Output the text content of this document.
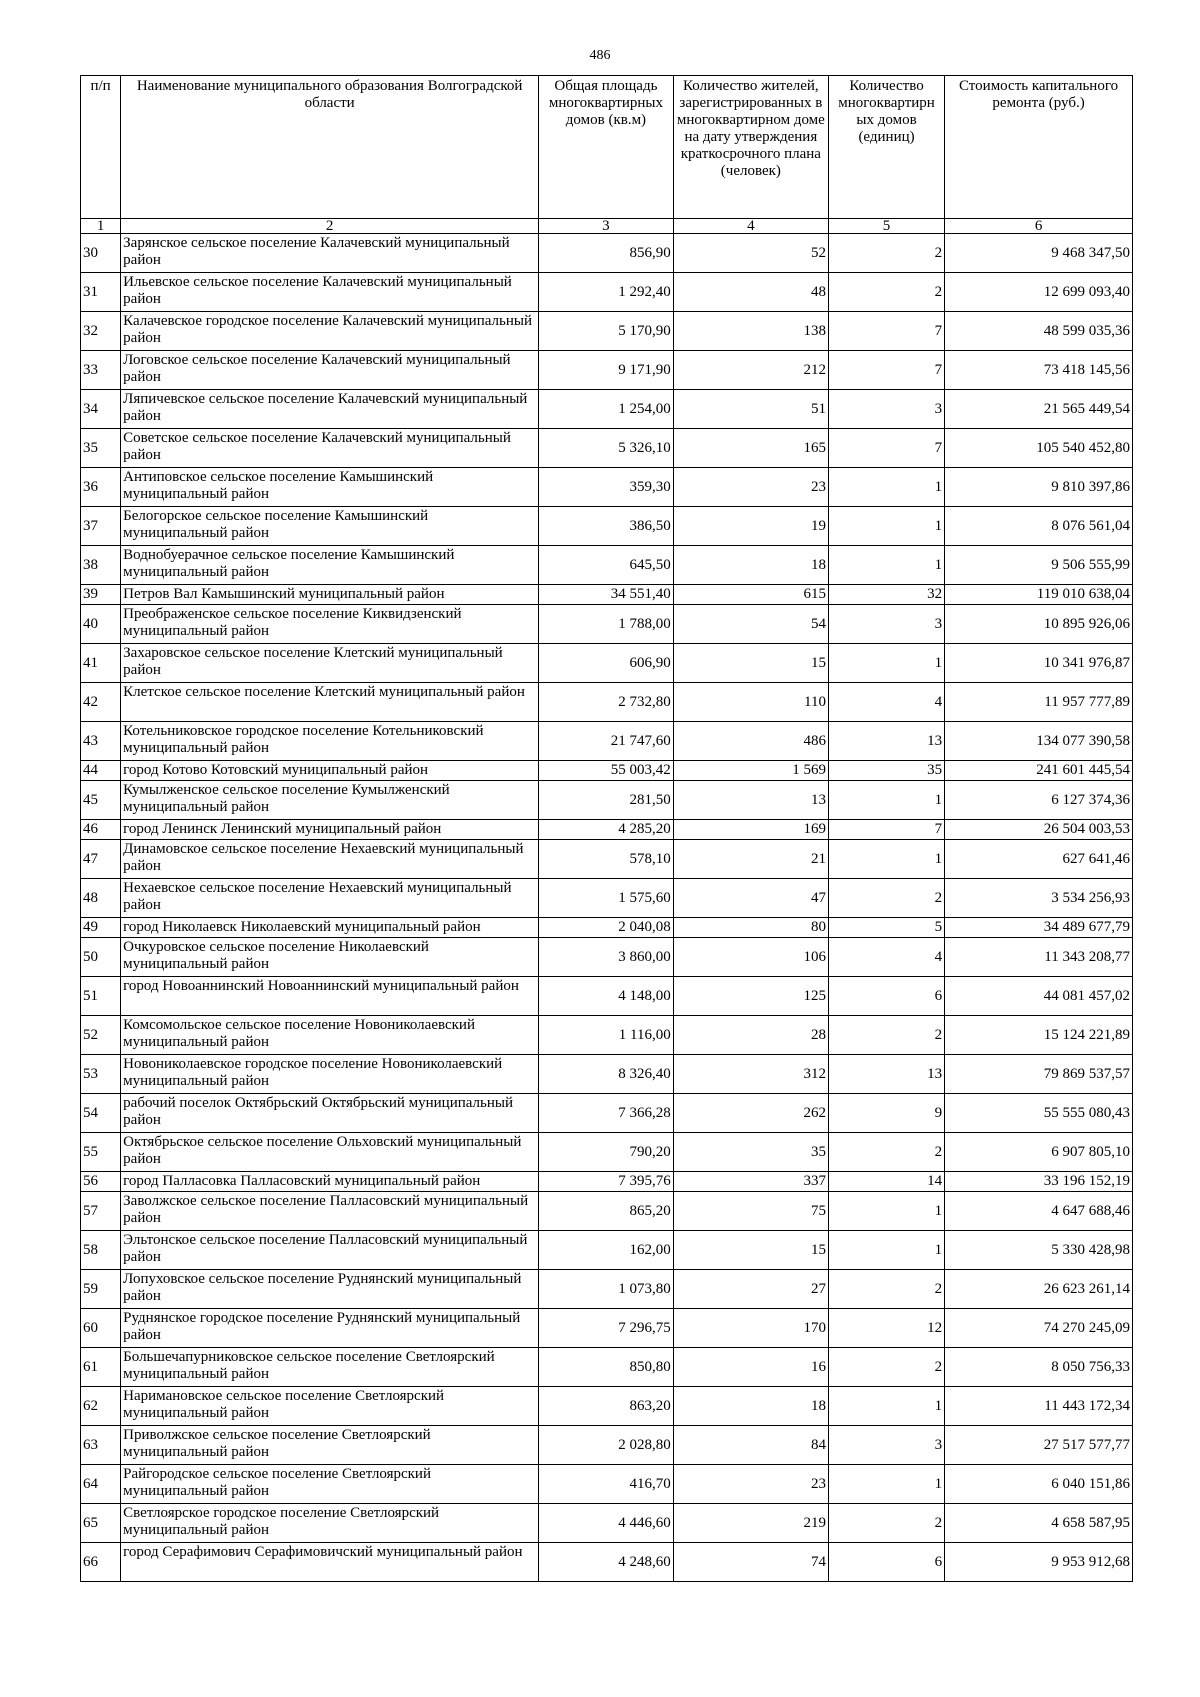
486
п/п	Наименование муниципального образования Волгоградской области	Общая площадь многоквартирных домов (кв.м)	Количество жителей, зарегистрированных в многоквартирном доме на дату утверждения краткосрочного плана (человек)	Количество многоквартирн ых домов (единиц)	Стоимость капитального ремонта (руб.)
1	2	3	4	5	6
30	Зарянское сельское поселение Калачевский муниципальный район	856,90	52	2	9 468 347,50
31	Ильевское сельское поселение Калачевский муниципальный район	1 292,40	48	2	12 699 093,40
32	Калачевское городское поселение Калачевский муниципальный район	5 170,90	138	7	48 599 035,36
33	Логовское сельское поселение Калачевский муниципальный район	9 171,90	212	7	73 418 145,56
34	Ляпичевское сельское поселение Калачевский муниципальный район	1 254,00	51	3	21 565 449,54
35	Советское сельское поселение Калачевский муниципальный район	5 326,10	165	7	105 540 452,80
36	Антиповское сельское поселение Камышинский муниципальный район	359,30	23	1	9 810 397,86
37	Белогорское сельское поселение Камышинский муниципальный район	386,50	19	1	8 076 561,04
38	Воднобуерачное сельское поселение Камышинский муниципальный район	645,50	18	1	9 506 555,99
39	Петров Вал Камышинский муниципальный район	34 551,40	615	32	119 010 638,04
40	Преображенское сельское поселение Киквидзенский муниципальный район	1 788,00	54	3	10 895 926,06
41	Захаровское сельское поселение Клетский муниципальный район	606,90	15	1	10 341 976,87
42	Клетское сельское поселение Клетский муниципальный район	2 732,80	110	4	11 957 777,89
43	Котельниковское городское поселение Котельниковский муниципальный район	21 747,60	486	13	134 077 390,58
44	город Котово Котовский муниципальный район	55 003,42	1 569	35	241 601 445,54
45	Кумылженское сельское поселение Кумылженский муниципальный район	281,50	13	1	6 127 374,36
46	город Ленинск Ленинский муниципальный район	4 285,20	169	7	26 504 003,53
47	Динамовское сельское поселение Нехаевский муниципальный район	578,10	21	1	627 641,46
48	Нехаевское сельское поселение Нехаевский муниципальный район	1 575,60	47	2	3 534 256,93
49	город Николаевск Николаевский муниципальный район	2 040,08	80	5	34 489 677,79
50	Очкуровское сельское поселение Николаевский муниципальный район	3 860,00	106	4	11 343 208,77
51	город Новоаннинский Новоаннинский муниципальный район	4 148,00	125	6	44 081 457,02
52	Комсомольское сельское поселение Новониколаевский муниципальный район	1 116,00	28	2	15 124 221,89
53	Новониколаевское городское поселение Новониколаевский муниципальный район	8 326,40	312	13	79 869 537,57
54	рабочий поселок Октябрьский Октябрьский муниципальный район	7 366,28	262	9	55 555 080,43
55	Октябрьское сельское поселение Ольховский муниципальный район	790,20	35	2	6 907 805,10
56	город Палласовка Палласовский муниципальный район	7 395,76	337	14	33 196 152,19
57	Заволжское сельское поселение Палласовский муниципальный район	865,20	75	1	4 647 688,46
58	Эльтонское сельское поселение Палласовский муниципальный район	162,00	15	1	5 330 428,98
59	Лопуховское сельское поселение Руднянский муниципальный район	1 073,80	27	2	26 623 261,14
60	Руднянское городское поселение Руднянский муниципальный район	7 296,75	170	12	74 270 245,09
61	Большечапурниковское сельское поселение Светлоярский муниципальный район	850,80	16	2	8 050 756,33
62	Наримановское сельское поселение Светлоярский муниципальный район	863,20	18	1	11 443 172,34
63	Приволжское сельское поселение Светлоярский муниципальный район	2 028,80	84	3	27 517 577,77
64	Райгородское сельское поселение Светлоярский муниципальный район	416,70	23	1	6 040 151,86
65	Светлоярское городское поселение Светлоярский муниципальный район	4 446,60	219	2	4 658 587,95
66	город Серафимович Серафимовичский муниципальный район	4 248,60	74	6	9 953 912,68
